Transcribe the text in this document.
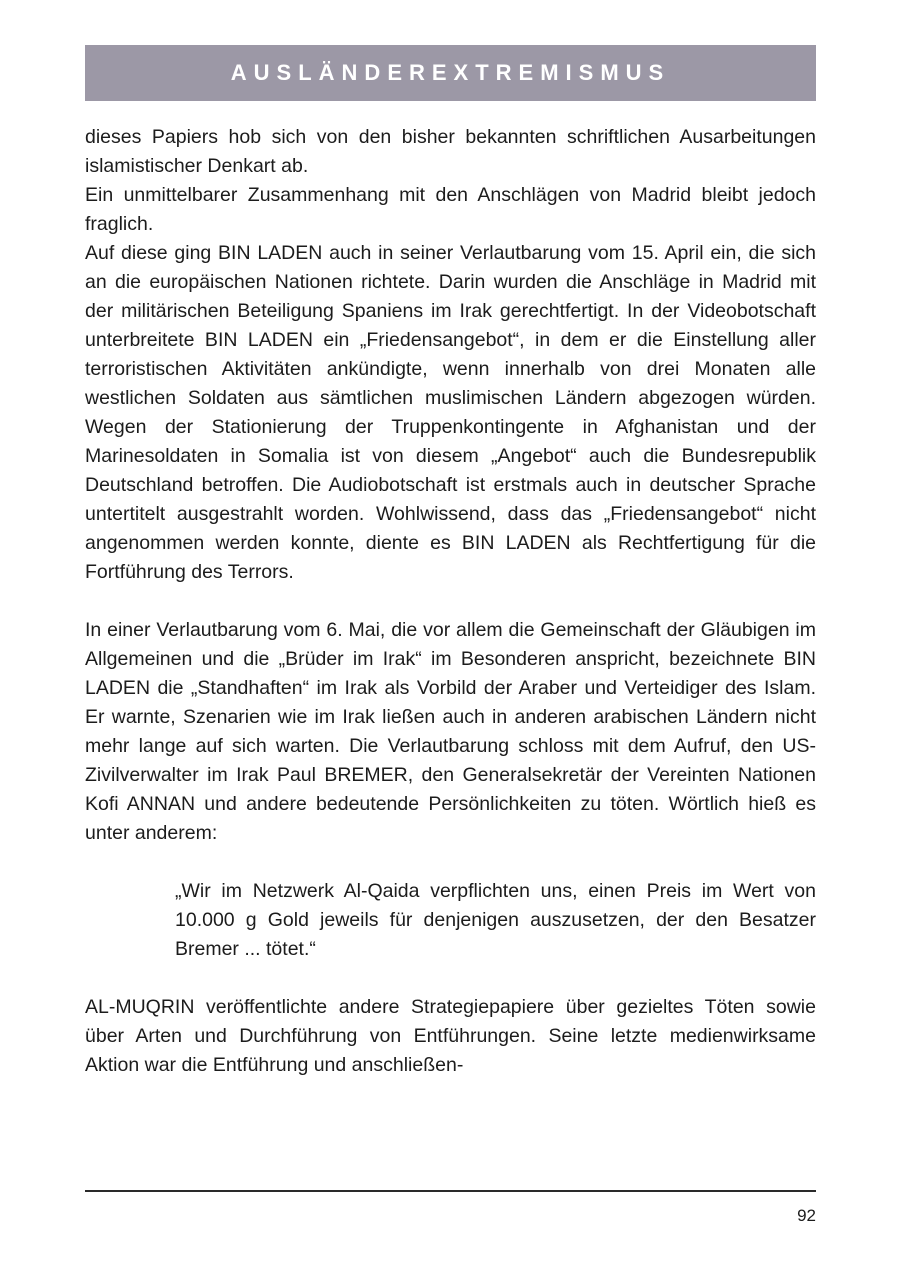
AUSLÄNDEREXTREMISMUS

dieses Papiers hob sich von den bisher bekannten schriftlichen Ausarbeitungen islamistischer Denkart ab.

Ein unmittelbarer Zusammenhang mit den Anschlägen von Madrid bleibt jedoch fraglich.

Auf diese ging BIN LADEN auch in seiner Verlautbarung vom 15. April ein, die sich an die europäischen Nationen richtete. Darin wurden die Anschläge in Madrid mit der militärischen Beteiligung Spaniens im Irak gerechtfertigt. In der Videobotschaft unterbreitete BIN LADEN ein „Friedensangebot“, in dem er die Einstellung aller terroristischen Aktivitäten ankündigte, wenn innerhalb von drei Monaten alle westlichen Soldaten aus sämtlichen muslimischen Ländern abgezogen würden. Wegen der Stationierung der Truppenkontingente in Afghanistan und der Marinesoldaten in Somalia ist von diesem „Angebot“ auch die Bundesrepublik Deutschland betroffen. Die Audiobotschaft ist erstmals auch in deutscher Sprache untertitelt ausgestrahlt worden. Wohlwissend, dass das „Friedensangebot“ nicht angenommen werden konnte, diente es BIN LADEN als Rechtfertigung für die Fortführung des Terrors.

In einer Verlautbarung vom 6. Mai, die vor allem die Gemeinschaft der Gläubigen im Allgemeinen und die „Brüder im Irak“ im Besonderen anspricht, bezeichnete BIN LADEN die „Standhaften“ im Irak als Vorbild der Araber und Verteidiger des Islam. Er warnte, Szenarien wie im Irak ließen auch in anderen arabischen Ländern nicht mehr lange auf sich warten. Die Verlautbarung schloss mit dem Aufruf, den US-Zivilverwalter im Irak Paul BREMER, den Generalsekretär der Vereinten Nationen Kofi ANNAN und andere bedeutende Persönlichkeiten zu töten. Wörtlich hieß es unter anderem:

„Wir im Netzwerk Al-Qaida verpflichten uns, einen Preis im Wert von 10.000 g Gold jeweils für denjenigen auszusetzen, der den Besatzer Bremer ... tötet.“

AL-MUQRIN veröffentlichte andere Strategiepapiere über gezieltes Töten sowie über Arten und Durchführung von Entführungen. Seine letzte medienwirksame Aktion war die Entführung und anschließen-

92
